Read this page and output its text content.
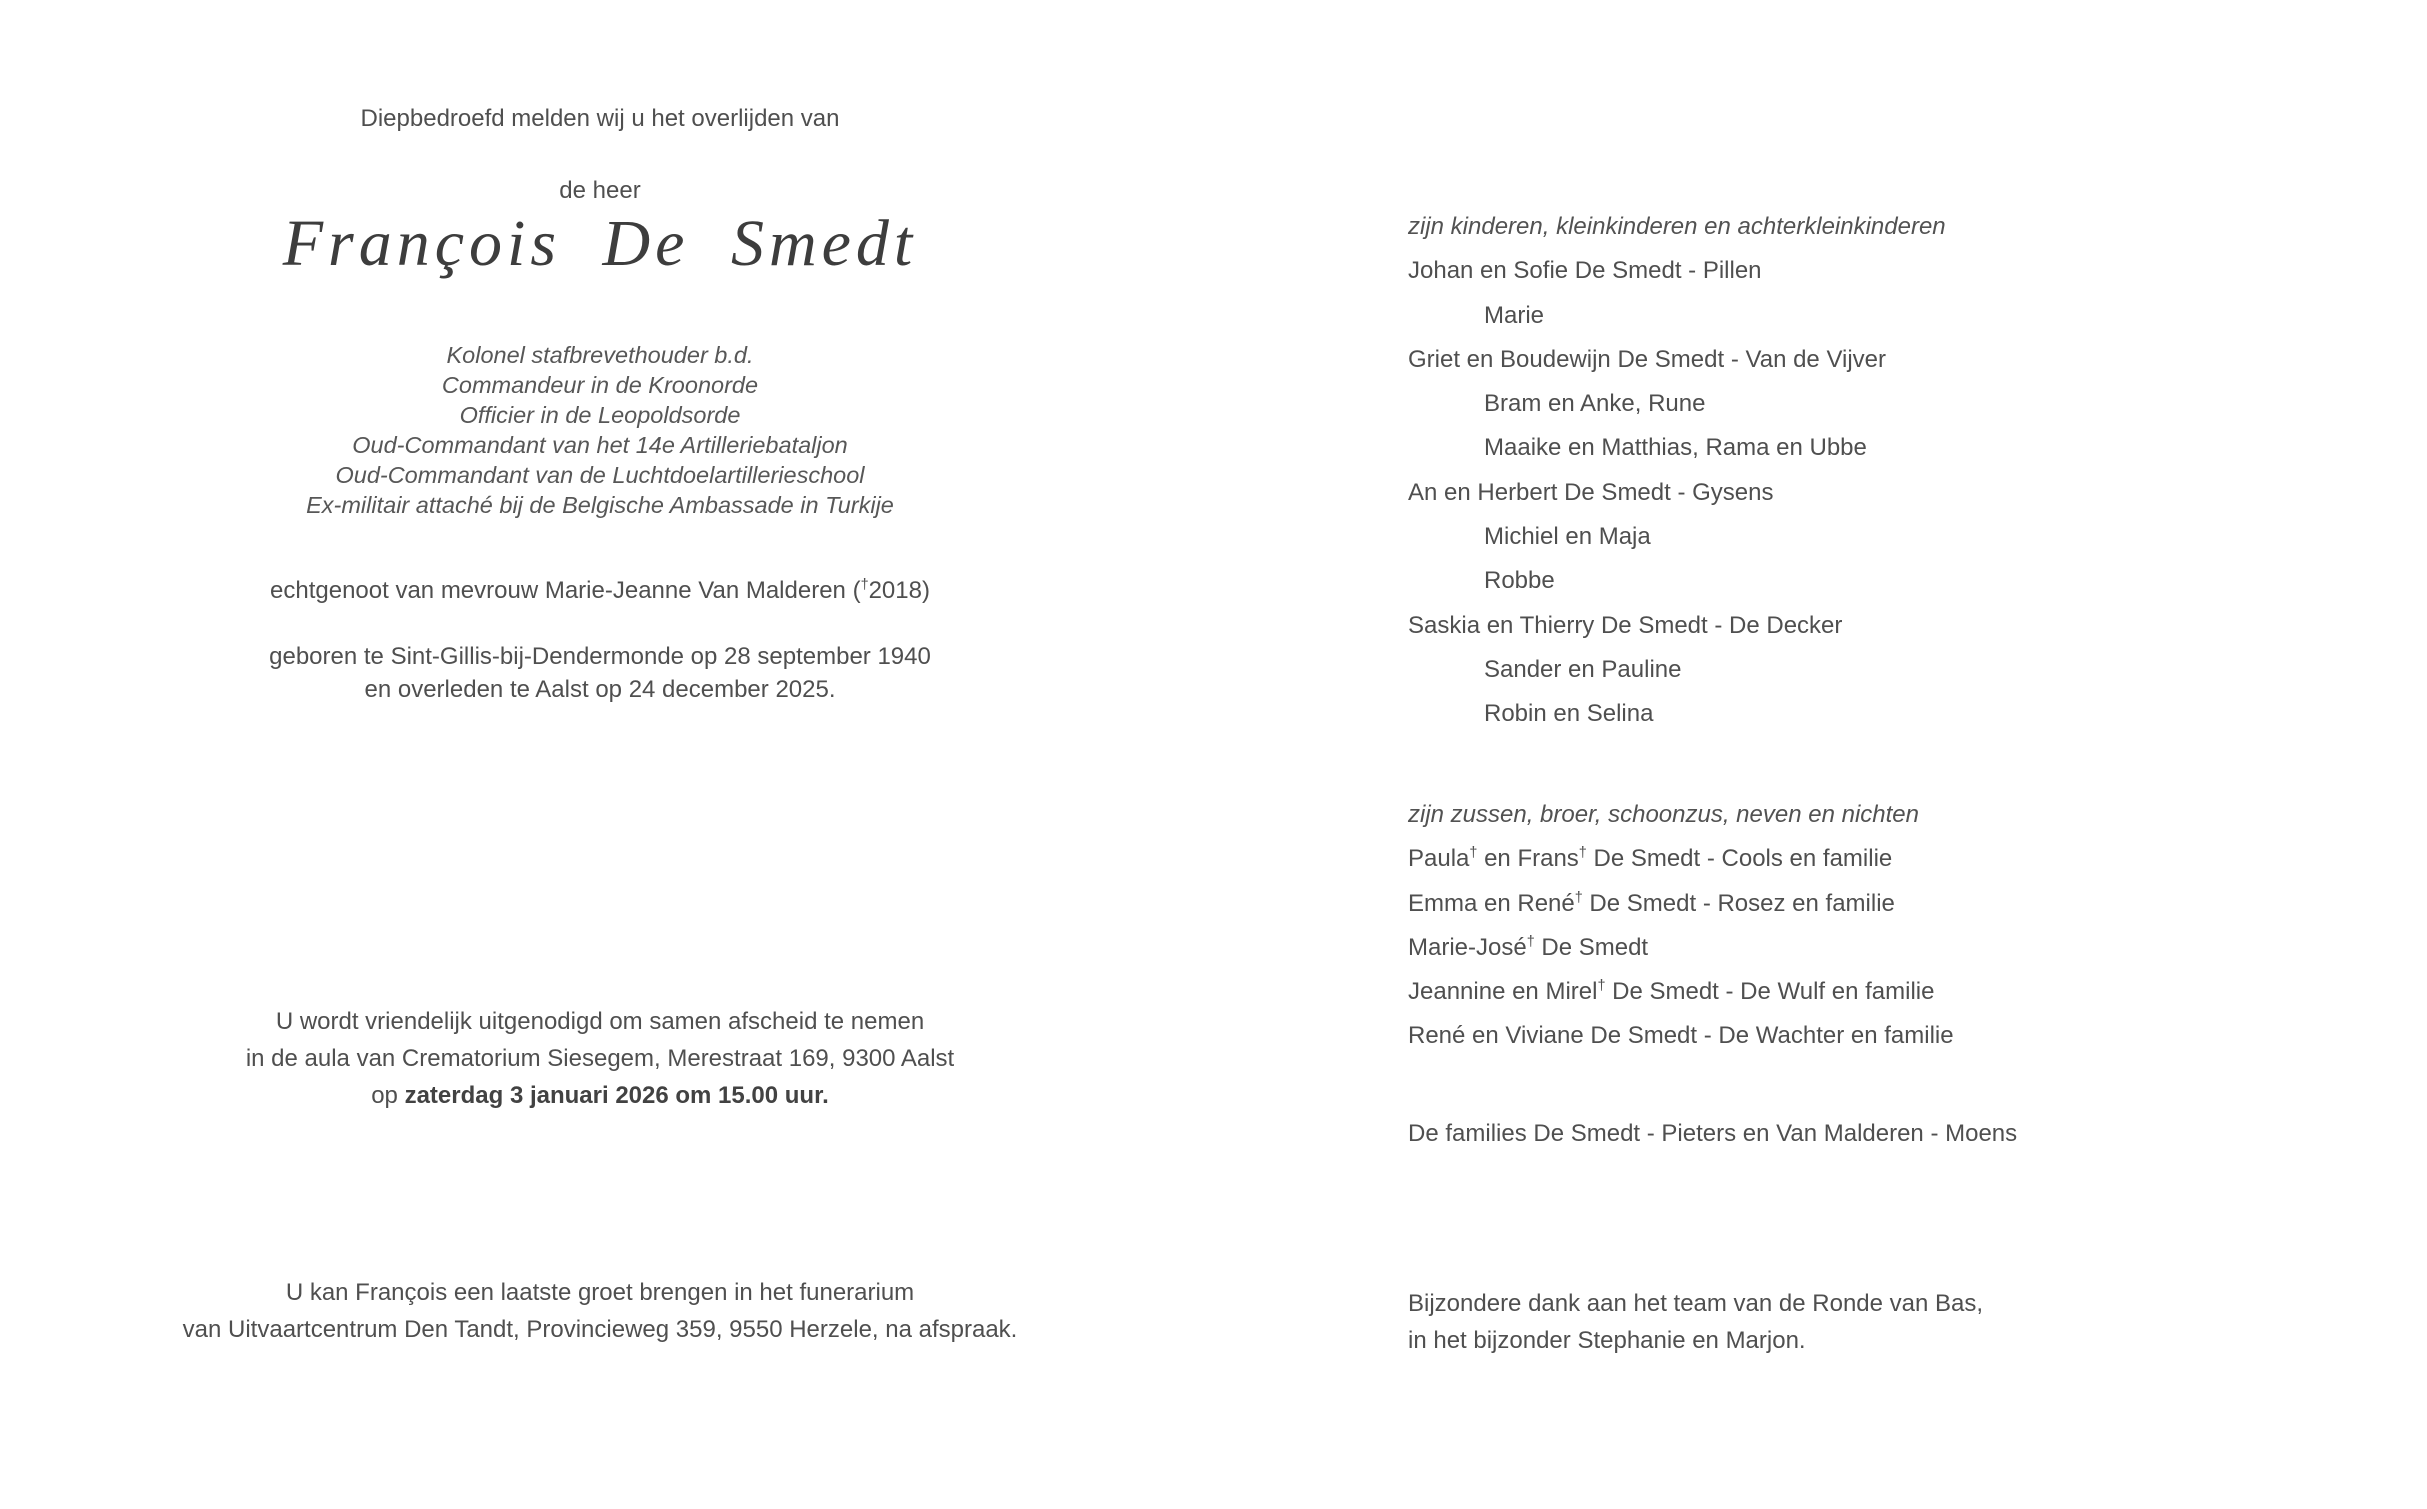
Diepbedroefd melden wij u het overlijden van
de heer
François De Smedt
Kolonel stafbrevethouder b.d.
Commandeur in de Kroonorde
Officier in de Leopoldsorde
Oud-Commandant van het 14e Artilleriebataljon
Oud-Commandant van de Luchtdoelartillerieschool
Ex-militair attaché bij de Belgische Ambassade in Turkije
echtgenoot van mevrouw Marie-Jeanne Van Malderen (†2018)
geboren te Sint-Gillis-bij-Dendermonde op 28 september 1940
en overleden te Aalst op 24 december 2025.
U wordt vriendelijk uitgenodigd om samen afscheid te nemen
in de aula van Crematorium Siesegem, Merestraat 169, 9300 Aalst
op zaterdag 3 januari 2026 om 15.00 uur.
U kan François een laatste groet brengen in het funerarium
van Uitvaartcentrum Den Tandt, Provincieweg 359, 9550 Herzele, na afspraak.
zijn kinderen, kleinkinderen en achterkleinkinderen
Johan en Sofie De Smedt - Pillen
Marie
Griet en Boudewijn De Smedt - Van de Vijver
Bram en Anke, Rune
Maaike en Matthias, Rama en Ubbe
An en Herbert De Smedt - Gysens
Michiel en Maja
Robbe
Saskia en Thierry De Smedt - De Decker
Sander en Pauline
Robin en Selina
zijn zussen, broer, schoonzus, neven en nichten
Paula† en Frans† De Smedt - Cools en familie
Emma en René† De Smedt - Rosez en familie
Marie-José† De Smedt
Jeannine en Mirel† De Smedt - De Wulf en familie
René en Viviane De Smedt - De Wachter en familie
De families De Smedt - Pieters en Van Malderen - Moens
Bijzondere dank aan het team van de Ronde van Bas,
in het bijzonder Stephanie en Marjon.
